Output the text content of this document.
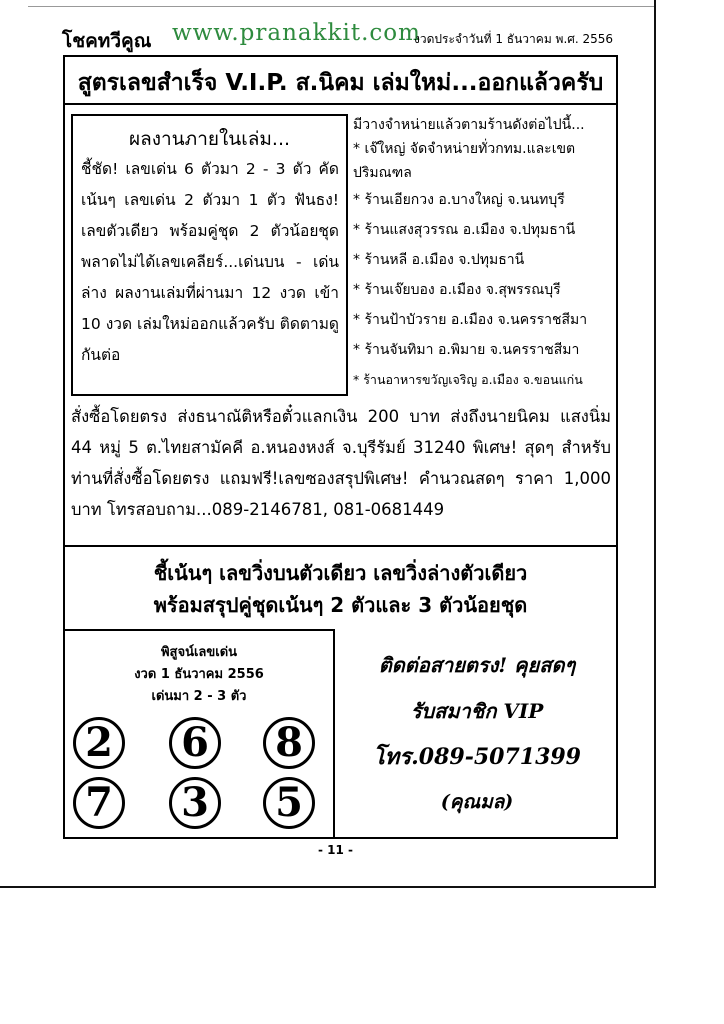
โชคทวีคูณ www.pranakkit.com
งวดประจำวันที่ 1 ธันวาคม พ.ศ. 2556
สูตรเลขสำเร็จ V.I.P. ส.นิคม เล่มใหม่...ออกแล้วครับ
ผลงานภายในเล่ม...
ชี้ชัด! เลขเด่น 6 ตัวมา 2 - 3 ตัว คัดเน้นๆ เลขเด่น 2 ตัวมา 1 ตัว ฟันธง! เลขตัวเดียว พร้อมคู่ชุด 2 ตัวน้อยชุด พลาดไม่ได้เลขเคลียร์...เด่นบน - เด่นล่าง ผลงานเล่มที่ผ่านมา 12 งวด เข้า 10 งวด เล่มใหม่ออกแล้วครับ ติดตามดูกันต่อ
มีวางจำหน่ายแล้วตามร้านดังต่อไปนี้...
* เจ๊ใหญ่ จัดจำหน่ายทั่วกทม.และเขตปริมณฑล
* ร้านเอียกวง อ.บางใหญ่ จ.นนทบุรี
* ร้านแสงสุวรรณ อ.เมือง จ.ปทุมธานี
* ร้านหลี อ.เมือง จ.ปทุมธานี
* ร้านเจ๊ยบอง อ.เมือง จ.สุพรรณบุรี
* ร้านป้าบัวราย อ.เมือง จ.นครราชสีมา
* ร้านจันทิมา อ.พิมาย จ.นครราชสีมา
* ร้านอาหารขวัญเจริญ อ.เมือง จ.ขอนแก่น
สั่งซื้อโดยตรง ส่งธนาณัติหรือตั๋วแลกเงิน 200 บาท ส่งถึงนายนิคม แสงนิ่ม 44 หมู่ 5 ต.ไทยสามัคคี อ.หนองหงส์ จ.บุรีรัมย์ 31240 พิเศษ! สุดๆ สำหรับท่านที่สั่งซื้อโดยตรง แถมฟรี!เลขซองสรุปพิเศษ! คำนวณสดๆ ราคา 1,000 บาท โทรสอบถาม...089-2146781, 081-0681449
ชี้เน้นๆ เลขวิ่งบนตัวเดียว เลขวิ่งล่างตัวเดียว
พร้อมสรุปคู่ชุดเน้นๆ 2 ตัวและ 3 ตัวน้อยชุด
พิสูจน์เลขเด่น
งวด 1 ธันวาคม 2556
เด่นมา 2 - 3 ตัว
2	6	8
7	3	5
ติดต่อสายตรง! คุยสดๆ
รับสมาชิก VIP
โทร.089-5071399
(คุณมล)
- 11 -
